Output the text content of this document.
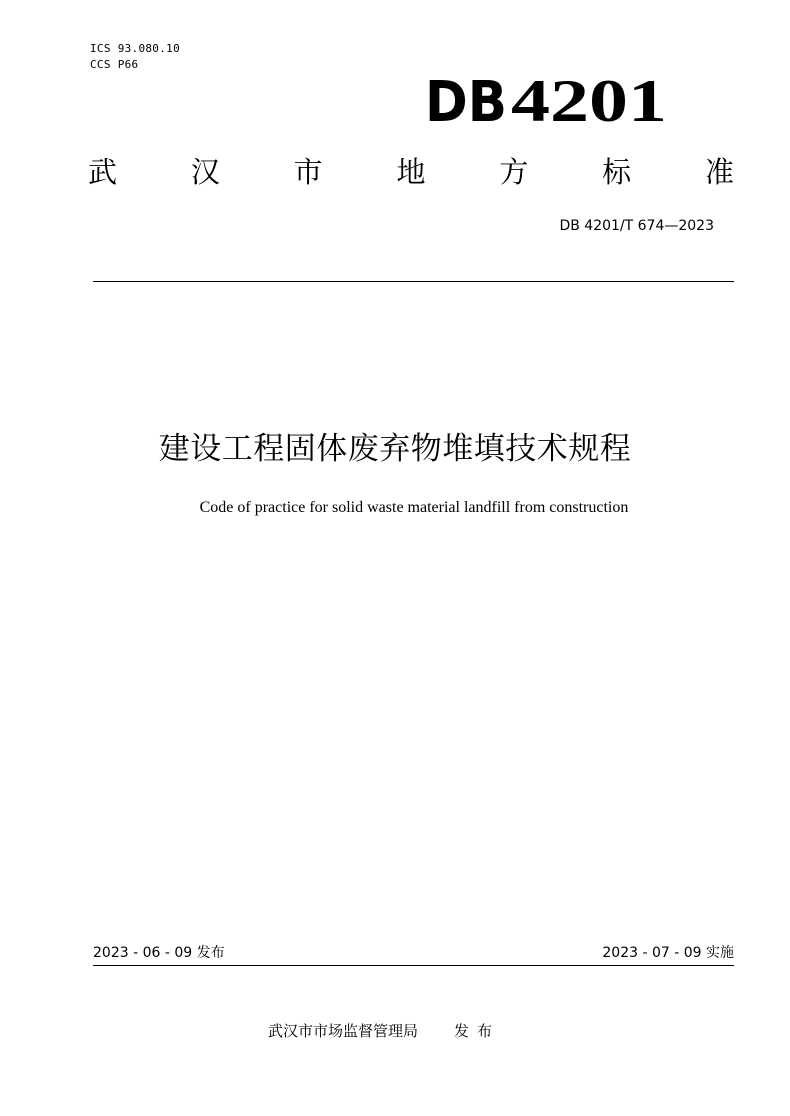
ICS 93.080.10
CCS P66
DB 4201
武	汉	市	地	方	标	准
DB 4201/T 674—2023
建设工程固体废弃物堆填技术规程
Code of practice for solid waste material landfill from construction
2023 - 06 - 09 发布	2023 - 07 - 09 实施
武汉市市场监督管理局 发布
